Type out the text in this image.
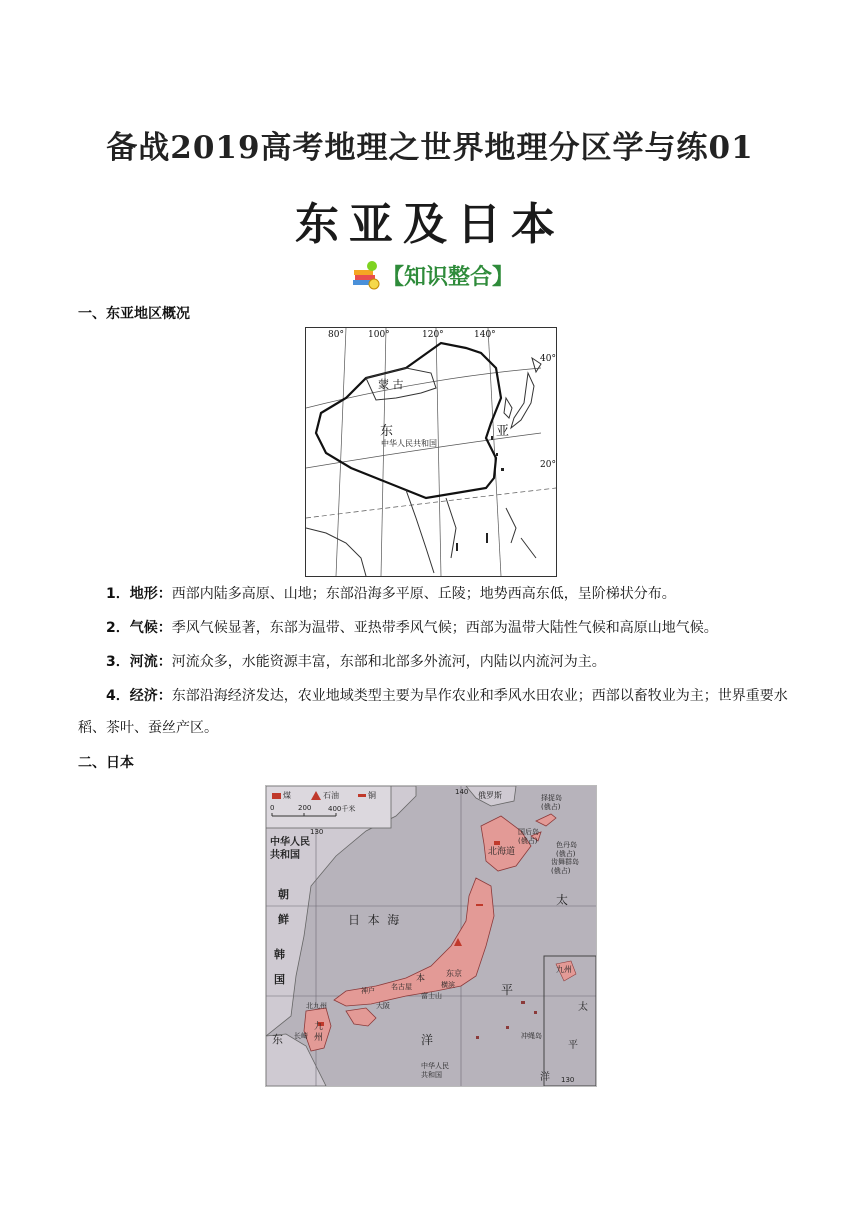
备战2019高考地理之世界地理分区学与练01
东亚及日本
【知识整合】
一、东亚地区概况
80°	100°	120°	140°
40°
20°
蒙 古
东	亚
中华人民共和国
1．地形：西部内陆多高原、山地；东部沿海多平原、丘陵；地势西高东低，呈阶梯状分布。
2．气候：季风气候显著，东部为温带、亚热带季风气候；西部为温带大陆性气候和高原山地气候。
3．河流：河流众多，水能资源丰富，东部和北部多外流河，内陆以内流河为主。
4．经济：东部沿海经济发达，农业地域类型主要为旱作农业和季风水田农业；西部以畜牧业为主；世界重要水稻、茶叶、蚕丝产区。
二、日本
煤	石油	铜
0	200 400千米
130
140
130
俄罗斯
中华人民
共和国
朝
鲜
韩
国
日  本  海
北海道
本
九
州
东京
神户
大阪
名古屋	横滨
富士山
太
平
洋
东
择捉岛
(俄占)
国后岛
(俄占)	色丹岛
(俄占)
齿舞群岛
(俄占)
冲绳岛
长崎
北九州
九州
太
平
洋
中华人民
共和国
